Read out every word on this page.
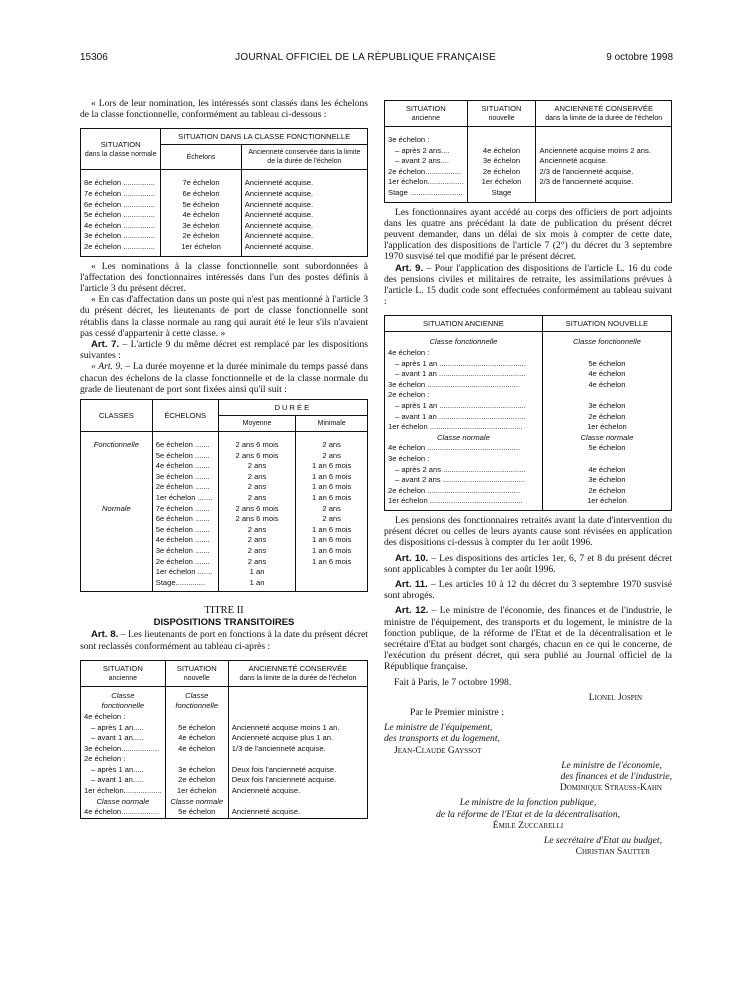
15306	JOURNAL OFFICIEL DE LA RÉPUBLIQUE FRANÇAISE	9 octobre 1998

« Lors de leur nomination, les intéressés sont classés dans les échelons de la classe fonctionnelle, conformément au tableau ci-dessous :

SITUATION
dans la classe normale	SITUATION DANS LA CLASSE FONCTIONNELLE	
	Échelons	Ancienneté conservée dans la limite de la durée de l'échelon

8e échelon ...............	7e échelon	Ancienneté acquise.
7e échelon ...............	6e échelon	Ancienneté acquise.
6e échelon ...............	5e échelon	Ancienneté acquise.
5e échelon ...............	4e échelon	Ancienneté acquise.
4e échelon ...............	3e échelon	Ancienneté acquise.
3e échelon ...............	2e échelon	Ancienneté acquise.
2e échelon ...............	1er échelon	Ancienneté acquise.

« Les nominations à la classe fonctionnelle sont subordonnées à l'affectation des fonctionnaires intéressés dans l'un des postes définis à l'article 3 du présent décret.

« En cas d'affectation dans un poste qui n'est pas mentionné à l'article 3 du présent décret, les lieutenants de port de classe fonctionnelle sont rétablis dans la classe normale au rang qui aurait été le leur s'ils n'avaient pas cessé d'appartenir à cette classe. »

Art. 7. – L'article 9 du même décret est remplacé par les dispositions suivantes :

« Art. 9. – La durée moyenne et la durée minimale du temps passé dans chacun des échelons de la classe fonctionnelle et de la classe normale du grade de lieutenant de port sont fixées ainsi qu'il suit :

CLASSES	ÉCHELONS	DURÉE	
		Moyenne	Minimale

Fonctionnelle	6e échelon .......	2 ans 6 mois	2 ans
	5e échelon .......	2 ans 6 mois	2 ans
	4e échelon .......	2 ans	1 an 6 mois
	3e échelon .......	2 ans	1 an 6 mois
	2e échelon .......	2 ans	1 an 6 mois
	1er échelon .......	2 ans	1 an 6 mois

Normale	7e échelon .......	2 ans 6 mois	2 ans
	6e échelon .......	2 ans 6 mois	2 ans
	5e échelon .......	2 ans	1 an 6 mois
	4e échelon .......	2 ans	1 an 6 mois
	3e échelon .......	2 ans	1 an 6 mois
	2e échelon .......	2 ans	1 an 6 mois
	1er échelon .......	1 an	
	Stage..............	1 an	

TITRE II
DISPOSITIONS TRANSITOIRES

Art. 8. – Les lieutenants de port en fonctions à la date du présent décret sont reclassés conformément au tableau ci-après :

SITUATION
ancienne	SITUATION
nouvelle	ANCIENNETÉ CONSERVÉE
dans la limite de la durée de l'échelon

Classe	Classe	
fonctionnelle	fonctionnelle	
4e échelon :		
– après 1 an.....	5e échelon	Ancienneté acquise moins 1 an.
– avant 1 an.....	4e échelon	Ancienneté acquise plus 1 an.
3e échelon..................	4e échelon	1/3 de l'ancienneté acquise.
2e échelon :		
– après 1 an.....	3e échelon	Deux fois l'ancienneté acquise.
– avant 1 an.....	2e échelon	Deux fois l'ancienneté acquise.
1er échelon..................	1er échelon	Ancienneté acquise.
Classe normale	Classe normale	
4e échelon..................	5e échelon	Ancienneté acquise.
SITUATION
ancienne	SITUATION
nouvelle	ANCIENNETÉ CONSERVÉE
dans la limite de la durée de l'échelon

3e échelon :		
– après 2 ans....	4e échelon	Ancienneté acquise moins 2 ans.
– avant 2 ans....	3e échelon	Ancienneté acquise.
2e échelon.................	2e échelon	2/3 de l'ancienneté acquise.
1er échelon.................	1er échelon	2/3 de l'ancienneté acquise.
Stage .........................	Stage	

Les fonctionnaires ayant accédé au corps des officiers de port adjoints dans les quatre ans précédant la date de publication du présent décret peuvent demander, dans un délai de six mois à compter de cette date, l'application des dispositions de l'article 7 (2°) du décret du 3 septembre 1970 susvisé tel que modifié par le présent décret.

Art. 9. – Pour l'application des dispositions de l'article L. 16 du code des pensions civiles et militaires de retraite, les assimilations prévues à l'article L. 15 dudit code sont effectuées conformément au tableau suivant :

SITUATION ANCIENNE	SITUATION NOUVELLE

Classe fonctionnelle	Classe fonctionnelle
4e échelon :	
– après 1 an .........................................	5e échelon
– avant 1 an .........................................	4e échelon
3e échelon ............................................	4e échelon
2e échelon :	
– après 1 an .........................................	3e échelon
– avant 1 an .........................................	2e échelon
1er échelon ............................................	1er échelon
Classe normale	Classe normale
4e échelon ............................................	5e échelon
3e échelon :	
– après 2 ans .......................................	4e échelon
– avant 2 ans .......................................	3e échelon
2e échelon ............................................	2e échelon
1er échelon ............................................	1er échelon

Les pensions des fonctionnaires retraités avant la date d'intervention du présent décret ou celles de leurs ayants cause sont révisées en application des dispositions ci-dessus à compter du 1er août 1996.

Art. 10. – Les dispositions des articles 1er, 6, 7 et 8 du présent décret sont applicables à compter du 1er août 1996.

Art. 11. – Les articles 10 à 12 du décret du 3 septembre 1970 susvisé sont abrogés.

Art. 12. – Le ministre de l'économie, des finances et de l'industrie, le ministre de l'équipement, des transports et du logement, le ministre de la fonction publique, de la réforme de l'Etat et de la décentralisation et le secrétaire d'Etat au budget sont chargés, chacun en ce qui le concerne, de l'exécution du présent décret, qui sera publié au Journal officiel de la République française.

Fait à Paris, le 7 octobre 1998.
Lionel Jospin
Par le Premier ministre :
Le ministre de l'équipement,
des transports et du logement,
Jean-Claude Gayssot
Le ministre de l'économie,
des finances et de l'industrie,
Dominique Strauss-Kahn
Le ministre de la fonction publique,
de la réforme de l'Etat et de la décentralisation,
Émile Zuccarelli
Le secrétaire d'Etat au budget,
Christian Sautter
